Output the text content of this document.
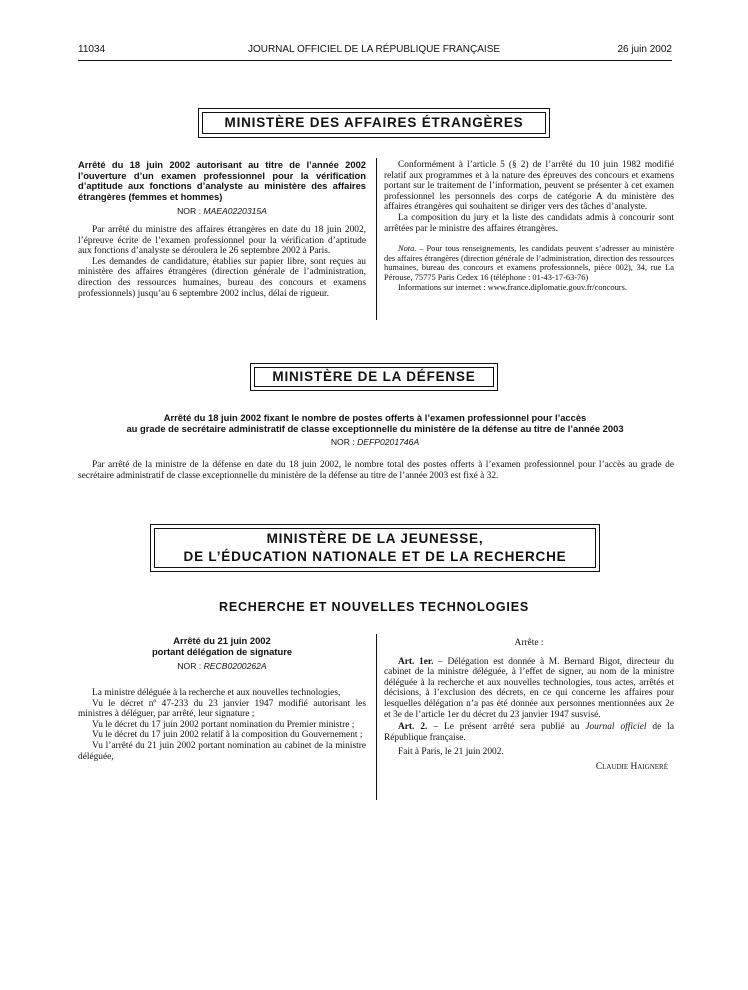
11034	JOURNAL OFFICIEL DE LA RÉPUBLIQUE FRANÇAISE	26 juin 2002
MINISTÈRE DES AFFAIRES ÉTRANGÈRES
Arrêté du 18 juin 2002 autorisant au titre de l’année 2002 l’ouverture d’un examen professionnel pour la vérification d’aptitude aux fonctions d’analyste au ministère des affaires étrangères (femmes et hommes)
NOR : MAEA0220315A

Par arrêté du ministre des affaires étrangères en date du 18 juin 2002, l’épreuve écrite de l’examen professionnel pour la vérification d’aptitude aux fonctions d’analyste se déroulera le 26 septembre 2002 à Paris.

Les demandes de candidature, établies sur papier libre, sont reçues au ministère des affaires étrangères (direction générale de l’administration, direction des ressources humaines, bureau des concours et examens professionnels) jusqu’au 6 septembre 2002 inclus, délai de rigueur.

Conformément à l’article 5 (§ 2) de l’arrêté du 10 juin 1982 modifié relatif aux programmes et à la nature des épreuves des concours et examens portant sur le traitement de l’information, peuvent se présenter à cet examen professionnel les personnels des corps de catégorie A du ministère des affaires étrangères qui souhaitent se diriger vers des tâches d’analyste.

La composition du jury et la liste des candidats admis à concourir sont arrêtées par le ministre des affaires étrangères.

Nota. – Pour tous renseignements, les candidats peuvent s’adresser au ministère des affaires étrangères (direction générale de l’administration, direction des ressources humaines, bureau des concours et examens professionnels, pièce 002), 34, rue La Pérouse, 75775 Paris Cedex 16 (téléphone : 01-43-17-63-76)

Informations sur internet : www.france.diplomatie.gouv.fr/concours.

MINISTÈRE DE LA DÉFENSE
Arrêté du 18 juin 2002 fixant le nombre de postes offerts à l’examen professionnel pour l’accès
au grade de secrétaire administratif de classe exceptionnelle du ministère de la défense au titre de l’année 2003
NOR : DEFP0201746A

Par arrêté de la ministre de la défense en date du 18 juin 2002, le nombre total des postes offerts à l’examen professionnel pour l’accès au grade de secrétaire administratif de classe exceptionnelle du ministère de la défense au titre de l’année 2003 est fixé à 32.

MINISTÈRE DE LA JEUNESSE,
DE L’ÉDUCATION NATIONALE ET DE LA RECHERCHE
RECHERCHE ET NOUVELLES TECHNOLOGIES
Arrêté du 21 juin 2002
portant délégation de signature
NOR : RECB0200262A

La ministre déléguée à la recherche et aux nouvelles technologies,

Vu le décret nº 47-233 du 23 janvier 1947 modifié autorisant les ministres à déléguer, par arrêté, leur signature ;

Vu le décret du 17 juin 2002 portant nomination du Premier ministre ;

Vu le décret du 17 juin 2002 relatif à la composition du Gouvernement ;

Vu l’arrêté du 21 juin 2002 portant nomination au cabinet de la ministre déléguée,

Arrête :

Art. 1er. – Délégation est donnée à M. Bernard Bigot, directeur du cabinet de la ministre déléguée, à l’effet de signer, au nom de la ministre déléguée à la recherche et aux nouvelles technologies, tous actes, arrêtés et décisions, à l’exclusion des décrets, en ce qui concerne les affaires pour lesquelles délégation n’a pas été donnée aux personnes mentionnées aux 2e et 3e de l’article 1er du décret du 23 janvier 1947 susvisé.

Art. 2. – Le présent arrêté sera publié au Journal officiel de la République française.

Fait à Paris, le 21 juin 2002.

Claudie Haigneré
